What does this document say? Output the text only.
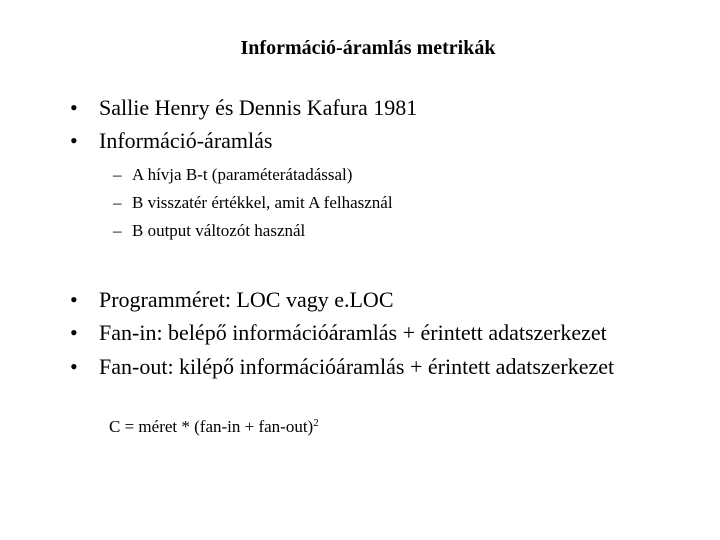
Információ-áramlás metrikák
• Sallie Henry és Dennis Kafura 1981
• Információ-áramlás
– A hívja B-t (paraméterátadással)
– B visszatér értékkel, amit A felhasznál
– B output változót használ
• Programméret: LOC vagy e.LOC
• Fan-in: belépő információáramlás + érintett adatszerkezet
• Fan-out: kilépő információáramlás + érintett adatszerkezet
C = méret * (fan-in + fan-$out)^2$
